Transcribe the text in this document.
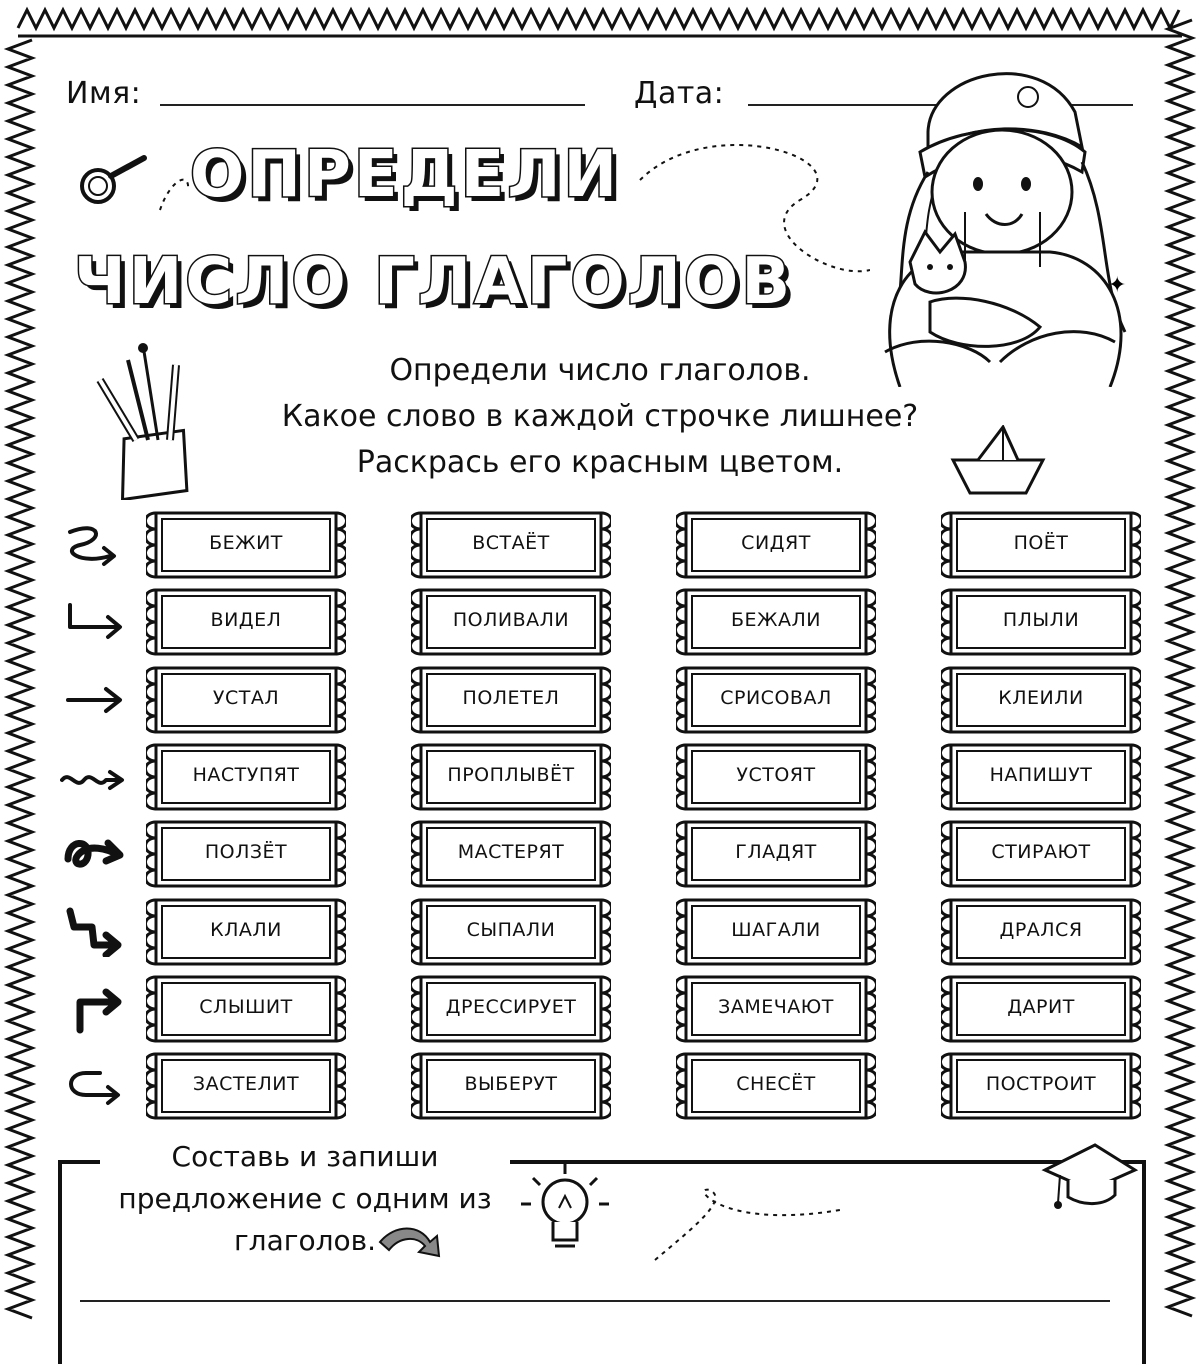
Имя:	Дата:
ОПРЕДЕЛИ
ЧИСЛО ГЛАГОЛОВ	✦
Определи число глаголов.
Какое слово в каждой строчке лишнее?
Раскрась его красным цветом.
БЕЖИТ	ВСТАЁТ	СИДЯТ	ПОЁТ
ВИДЕЛ	ПОЛИВАЛИ	БЕЖАЛИ	ПЛЫЛИ
УСТАЛ	ПОЛЕТЕЛ	СРИСОВАЛ	КЛЕИЛИ
НАСТУПЯТ	ПРОПЛЫВЁТ	УСТОЯТ	НАПИШУТ
ПОЛЗЁТ	МАСТЕРЯТ	ГЛАДЯТ	СТИРАЮТ
КЛАЛИ	СЫПАЛИ	ШАГАЛИ	ДРАЛСЯ
СЛЫШИТ	ДРЕССИРУЕТ	ЗАМЕЧАЮТ	ДАРИТ
ЗАСТЕЛИТ	ВЫБЕРУТ	СНЕСЁТ	ПОСТРОИТ
Составь и запиши
предложение с одним из
глаголов.
